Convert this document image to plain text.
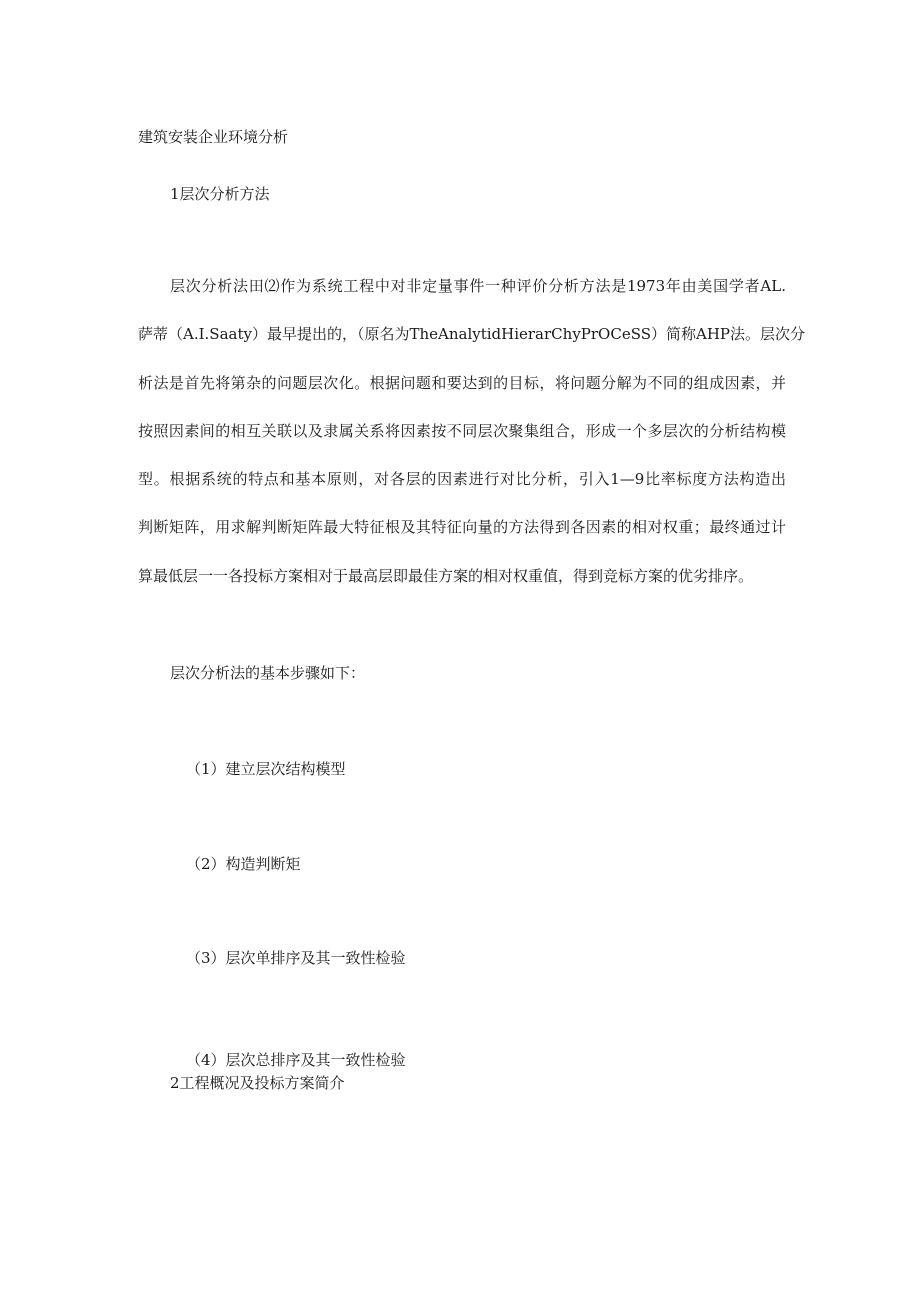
建筑安装企业环境分析
1层次分析方法
层次分析法田⑵作为系统工程中对非定量事件一种评价分析方法是1973年由美国学者AL.
萨蒂（A.I.Saaty）最早提出的，（原名为TheAnalytidHierarChyPrOCeSS）简称AHP法。层次分
析法是首先将第杂的问题层次化。根据问题和要达到的目标，将问题分解为不同的组成因素，并
按照因素间的相互关联以及隶属关系将因素按不同层次聚集组合，形成一个多层次的分析结构模
型。根据系统的特点和基本原则，对各层的因素进行对比分析，引入1—9比率标度方法构造出
判断矩阵，用求解判断矩阵最大特征根及其特征向量的方法得到各因素的相对权重；最终通过计
算最低层一一各投标方案相对于最高层即最佳方案的相对权重值，得到竞标方案的优劣排序。

层次分析法的基本步骤如下：

（1）建立层次结构模型

（2）构造判断矩

（3）层次单排序及其一致性检验

（4）层次总排序及其一致性检验

2工程概况及投标方案简介
